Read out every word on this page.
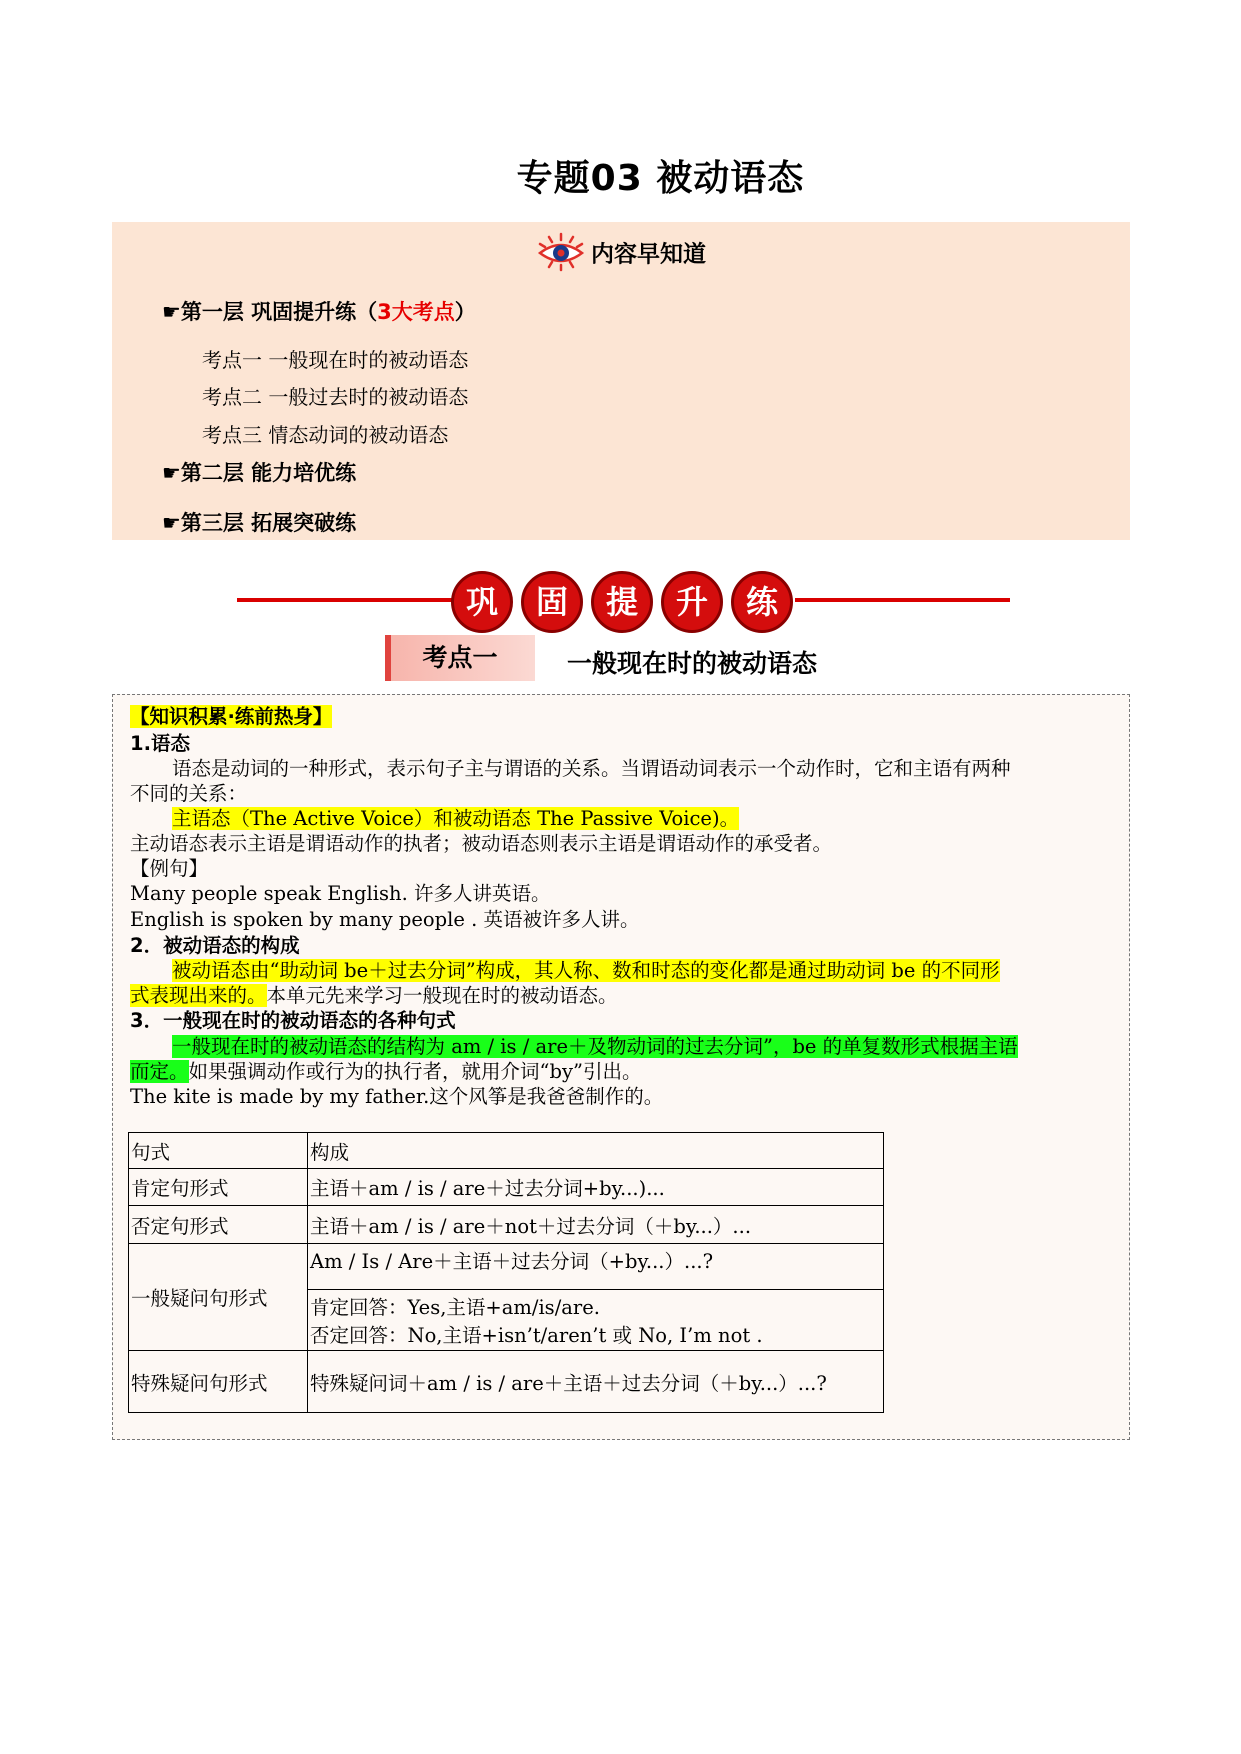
专题03 被动语态
内容早知道
☛第一层 巩固提升练（3大考点）
考点一 一般现在时的被动语态
考点二 一般过去时的被动语态
考点三 情态动词的被动语态
☛第二层 能力培优练
☛第三层 拓展突破练
巩	固	提	升	练
考点一	一般现在时的被动语态
【知识积累·练前热身】
1.语态
语态是动词的一种形式，表示句子主与谓语的关系。当谓语动词表示一个动作时，它和主语有两种
不同的关系：
主语态（The Active Voice）和被动语态 The Passive Voice)。
主动语态表示主语是谓语动作的执者；被动语态则表示主语是谓语动作的承受者。
【例句】
Many people speak English. 许多人讲英语。
English is spoken by many people . 英语被许多人讲。
2．被动语态的构成
被动语态由“助动词 be＋过去分词”构成，其人称、数和时态的变化都是通过助动词 be 的不同形
式表现出来的。本单元先来学习一般现在时的被动语态。
3．一般现在时的被动语态的各种句式
一般现在时的被动语态的结构为 am / is / are＋及物动词的过去分词”，be 的单复数形式根据主语
而定。如果强调动作或行为的执行者，就用介词“by”引出。
The kite is made by my father.这个风筝是我爸爸制作的。
句式	构成
肯定句形式	主语＋am / is / are＋过去分词+by...)...
否定句形式	主语＋am / is / are＋not＋过去分词（＋by...）...
一般疑问句形式	Am / Is / Are＋主语＋过去分词（+by...）...?

	肯定回答：Yes,主语+am/is/are.
否定回答：No,主语+isn’t/aren’t 或 No, I’m not .

特殊疑问句形式	特殊疑问词＋am / is / are＋主语＋过去分词（＋by...）...?
